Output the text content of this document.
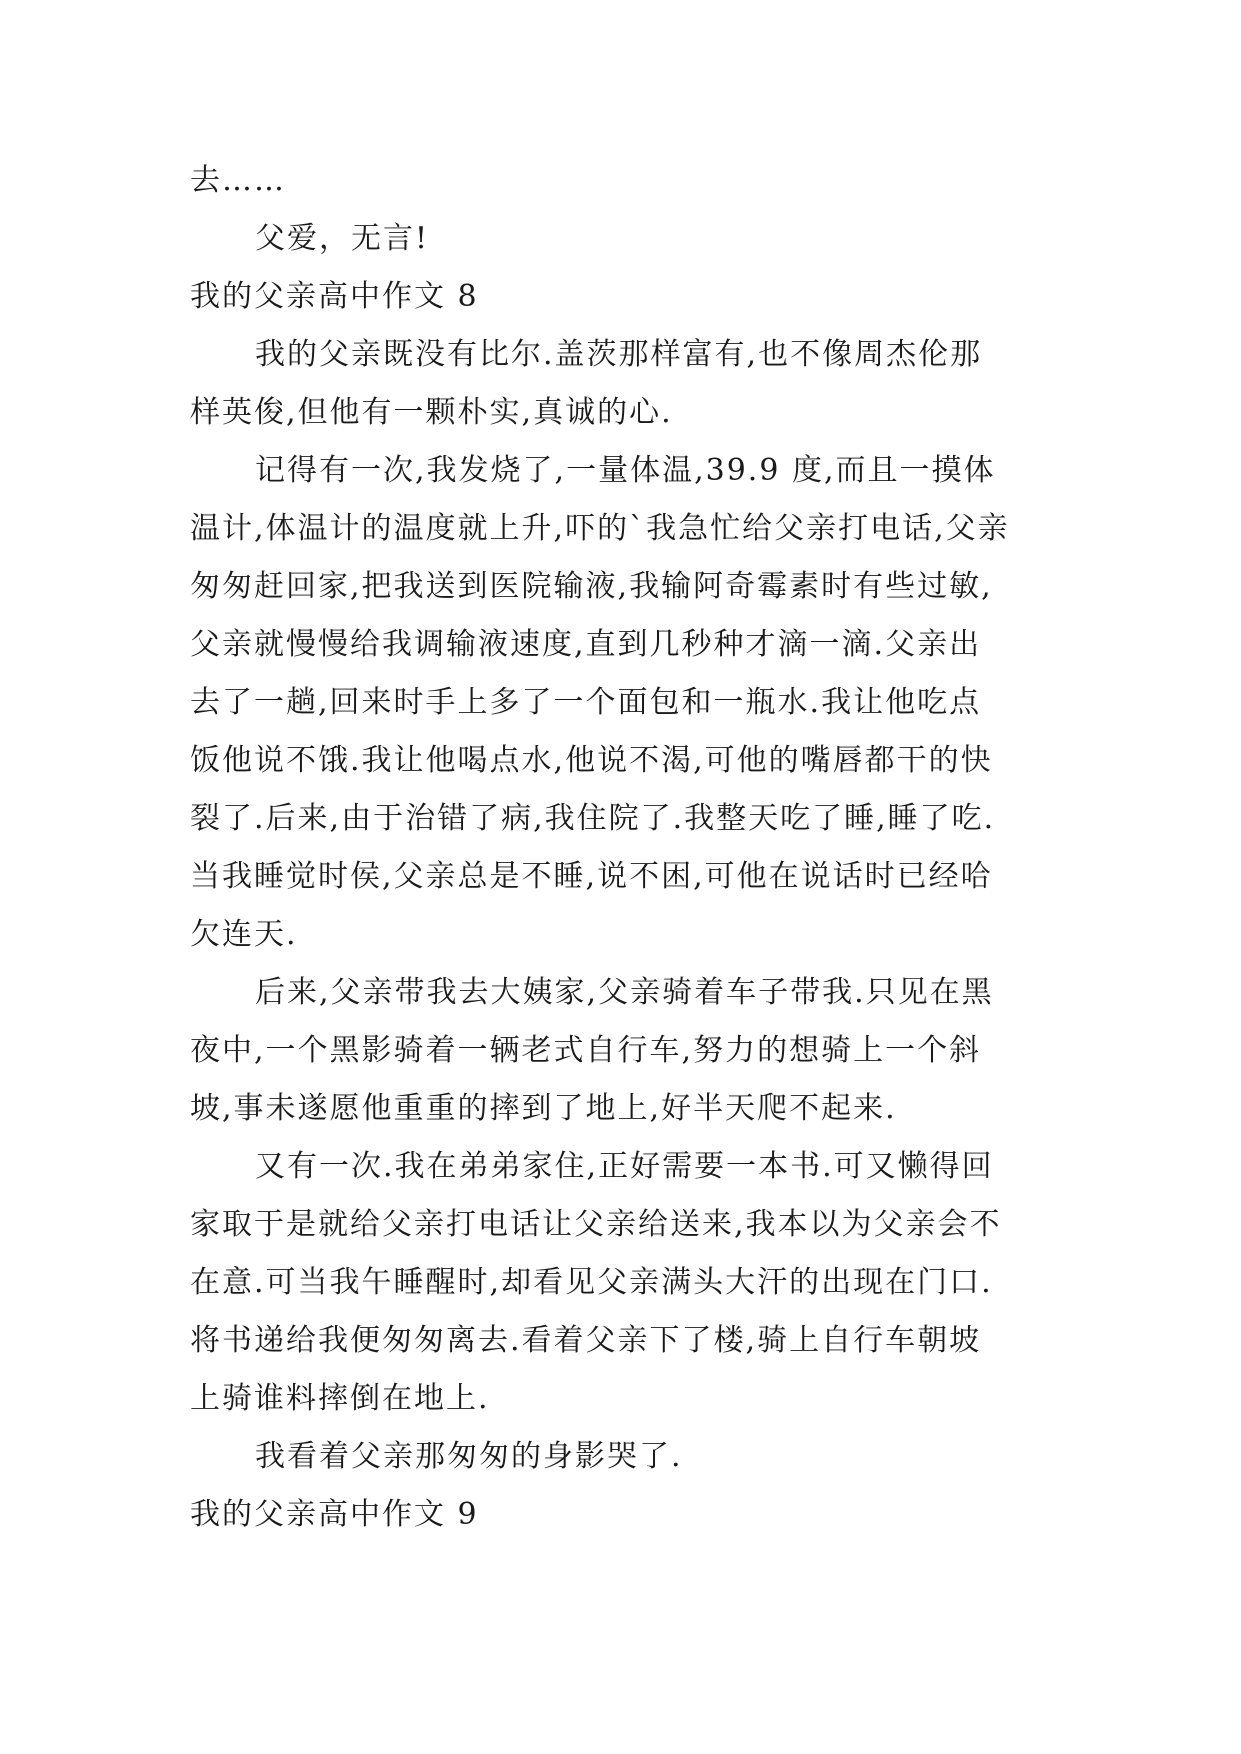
去……
父爱，无言!
我的父亲高中作文 8
我的父亲既没有比尔.盖茨那样富有,也不像周杰伦那
样英俊,但他有一颗朴实,真诚的心.
记得有一次,我发烧了,一量体温,39.9 度,而且一摸体
温计,体温计的温度就上升,吓的`我急忙给父亲打电话,父亲
匆匆赶回家,把我送到医院输液,我输阿奇霉素时有些过敏,
父亲就慢慢给我调输液速度,直到几秒种才滴一滴.父亲出
去了一趟,回来时手上多了一个面包和一瓶水.我让他吃点
饭他说不饿.我让他喝点水,他说不渴,可他的嘴唇都干的快
裂了.后来,由于治错了病,我住院了.我整天吃了睡,睡了吃.
当我睡觉时侯,父亲总是不睡,说不困,可他在说话时已经哈
欠连天.
后来,父亲带我去大姨家,父亲骑着车子带我.只见在黑
夜中,一个黑影骑着一辆老式自行车,努力的想骑上一个斜
坡,事未遂愿他重重的摔到了地上,好半天爬不起来.
又有一次.我在弟弟家住,正好需要一本书.可又懒得回
家取于是就给父亲打电话让父亲给送来,我本以为父亲会不
在意.可当我午睡醒时,却看见父亲满头大汗的出现在门口.
将书递给我便匆匆离去.看着父亲下了楼,骑上自行车朝坡
上骑谁料摔倒在地上.
我看着父亲那匆匆的身影哭了.
我的父亲高中作文 9
